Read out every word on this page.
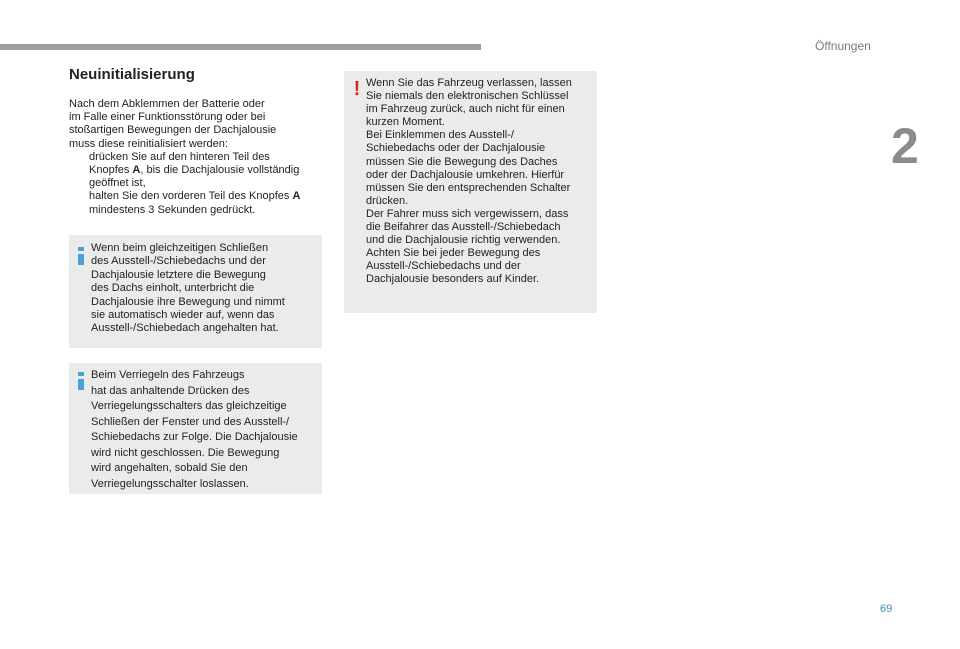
Öffnungen
2
69
Neuinitialisierung
Nach dem Abklemmen der Batterie oder
im Falle einer Funktionsstörung oder bei
stoßartigen Bewegungen der Dachjalousie
muss diese reinitialisiert werden:
drücken Sie auf den hinteren Teil des
Knopfes A, bis die Dachjalousie vollständig
geöffnet ist,
halten Sie den vorderen Teil des Knopfes A
mindestens 3 Sekunden gedrückt.
Wenn beim gleichzeitigen Schließen
des Ausstell-/Schiebedachs und der
Dachjalousie letztere die Bewegung
des Dachs einholt, unterbricht die
Dachjalousie ihre Bewegung und nimmt
sie automatisch wieder auf, wenn das
Ausstell-/Schiebedach angehalten hat.
Beim Verriegeln des Fahrzeugs
hat das anhaltende Drücken des
Verriegelungsschalters das gleichzeitige
Schließen der Fenster und des Ausstell-/
Schiebedachs zur Folge. Die Dachjalousie
wird nicht geschlossen. Die Bewegung
wird angehalten, sobald Sie den
Verriegelungsschalter loslassen.
! Wenn Sie das Fahrzeug verlassen, lassen
Sie niemals den elektronischen Schlüssel
im Fahrzeug zurück, auch nicht für einen
kurzen Moment.
Bei Einklemmen des Ausstell-/
Schiebedachs oder der Dachjalousie
müssen Sie die Bewegung des Daches
oder der Dachjalousie umkehren. Hierfür
müssen Sie den entsprechenden Schalter
drücken.
Der Fahrer muss sich vergewissern, dass
die Beifahrer das Ausstell-/Schiebedach
und die Dachjalousie richtig verwenden.
Achten Sie bei jeder Bewegung des
Ausstell-/Schiebedachs und der
Dachjalousie besonders auf Kinder.
